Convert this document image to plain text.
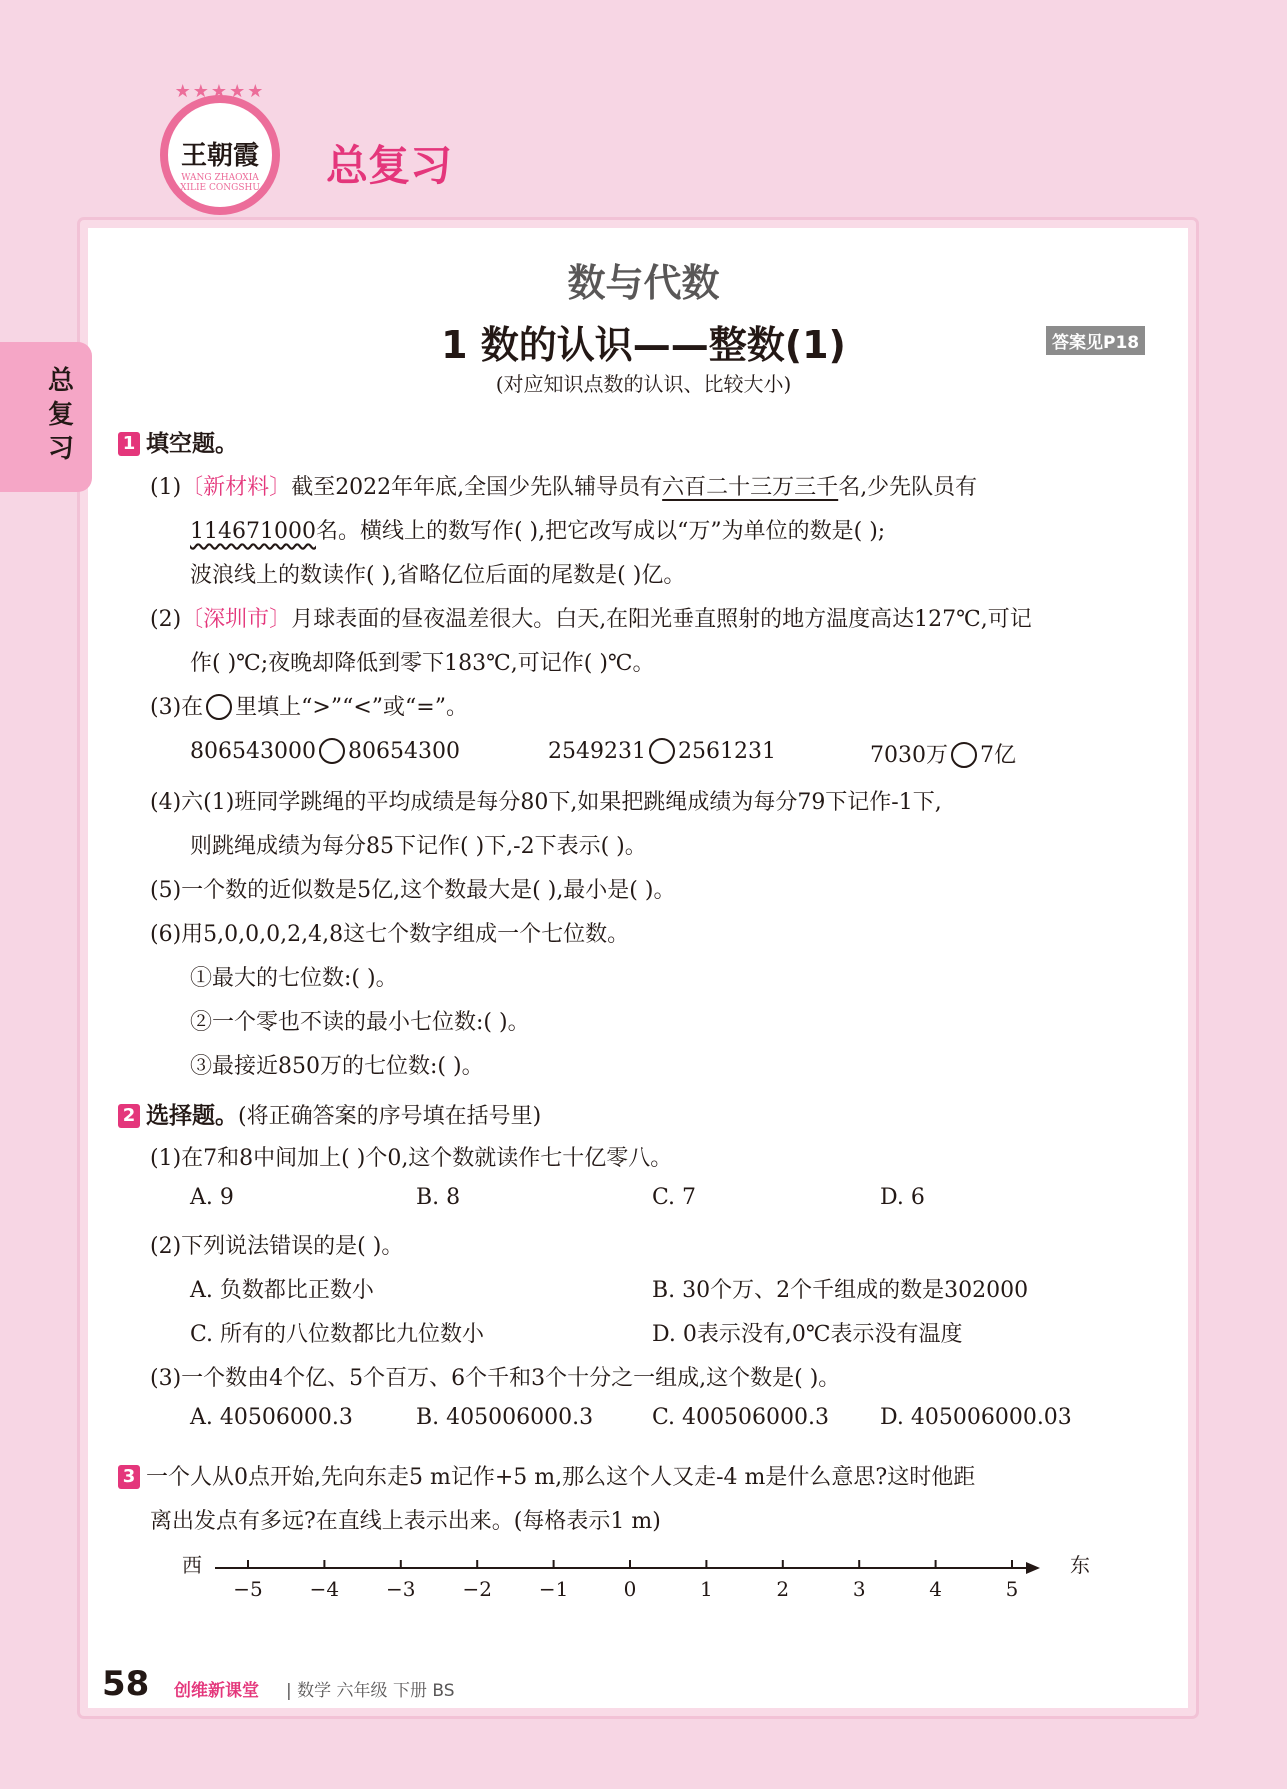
★★★★★
王朝霞
WANG ZHAOXIA XILIE CONGSHU 总复习
总复习
数与代数
1 数的认识——整数(1)	答案见P18
(对应知识点数的认识、比较大小)
1 填空题。
(1)〔新材料〕截至2022年年底,全国少先队辅导员有六百二十三万三千名,少先队员有
114671000名。横线上的数写作( ),把它改写成以“万”为单位的数是( );
波浪线上的数读作( ),省略亿位后面的尾数是( )亿。
(2)〔深圳市〕月球表面的昼夜温差很大。白天,在阳光垂直照射的地方温度高达127℃,可记
作( )℃;夜晚却降低到零下183℃,可记作( )℃。
(3)在 里填上“>”“<”或“=”。
806543000 80654300	2549231 2561231	7030万 7亿
(4)六(1)班同学跳绳的平均成绩是每分80下,如果把跳绳成绩为每分79下记作-1下,
则跳绳成绩为每分85下记作( )下,-2下表示( )。
(5)一个数的近似数是5亿,这个数最大是( ),最小是( )。
(6)用5,0,0,0,2,4,8这七个数字组成一个七位数。
①最大的七位数:( )。
②一个零也不读的最小七位数:( )。
③最接近850万的七位数:( )。
2 选择题。(将正确答案的序号填在括号里)
(1)在7和8中间加上( )个0,这个数就读作七十亿零八。
A. 9	B. 8	C. 7	D. 6
(2)下列说法错误的是( )。
A. 负数都比正数小	B. 30个万、2个千组成的数是302000
C. 所有的八位数都比九位数小	D. 0表示没有,0℃表示没有温度
(3)一个数由4个亿、5个百万、6个千和3个十分之一组成,这个数是( )。
A. 40506000.3	B. 405006000.3	C. 400506000.3 D. 405006000.03
3 一个人从0点开始,先向东走5 m记作+5 m,那么这个人又走-4 m是什么意思?这时他距
离出发点有多远?在直线上表示出来。(每格表示1 m)
西	东
−5 −4 −3 −2 −1	0	1	2	3	4	5
58 创维新课堂 | 数学 六年级 下册 BS
